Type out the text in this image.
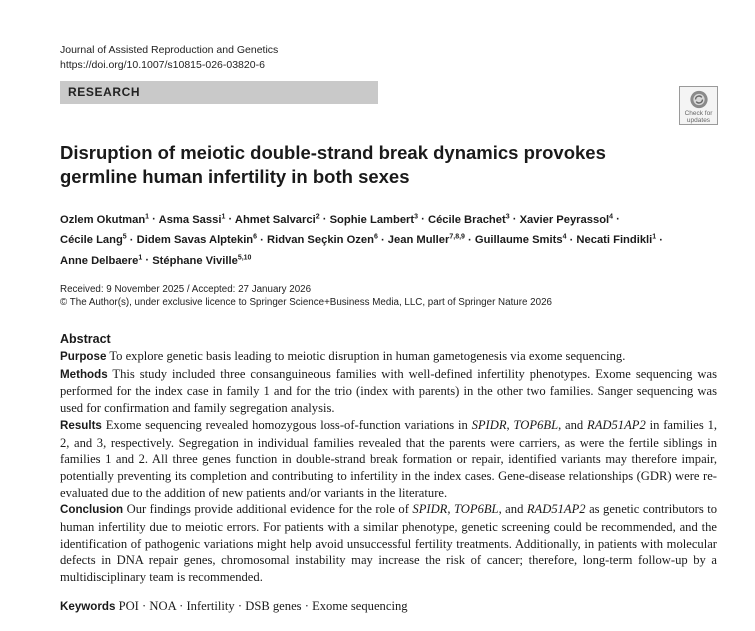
Journal of Assisted Reproduction and Genetics
https://doi.org/10.1007/s10815-026-03820-6
RESEARCH
Check for
updates
Disruption of meiotic double-strand break dynamics provokes
germline human infertility in both sexes
Ozlem Okutman$^1$ · Asma Sassi$^1$ · Ahmet Salvarci$^2$ · Sophie Lambert$^3$ · Cécile Brachet$^3$ · Xavier Peyrassol$^4$ ·
Cécile Lang$^5$ · Didem Savas Alptekin$^6$ · Ridvan Seçkin Ozen$^6$ · Jean Muller$^{7,8,9}$ · Guillaume Smits$^4$ · Necati Findikli$^1$ ·
Anne Delbaere$^1$ · Stéphane Viville$^{5,10}$
Received: 9 November 2025 / Accepted: 27 January 2026
© The Author(s), under exclusive licence to Springer Science+Business Media, LLC, part of Springer Nature 2026
Abstract

Purpose To explore genetic basis leading to meiotic disruption in human gametogenesis via exome sequencing.

Methods This study included three consanguineous families with well-defined infertility phenotypes. Exome sequencing was performed for the index case in family 1 and for the trio (index with parents) in the other two families. Sanger sequencing was used for confirmation and family segregation analysis.

Results Exome sequencing revealed homozygous loss-of-function variations in SPIDR, TOP6BL, and RAD51AP2 in families 1, 2, and 3, respectively. Segregation in individual families revealed that the parents were carriers, as were the fertile siblings in families 1 and 2. All three genes function in double-strand break formation or repair, identified variants may therefore impair, potentially preventing its completion and contributing to infertility in the index cases. Gene-disease relationships (GDR) were re-evaluated due to the addition of new patients and/or variants in the literature.

Conclusion Our findings provide additional evidence for the role of SPIDR, TOP6BL, and RAD51AP2 as genetic contributors to human infertility due to meiotic errors. For patients with a similar phenotype, genetic screening could be recommended, and the identification of pathogenic variations might help avoid unsuccessful fertility treatments. Additionally, in patients with molecular defects in DNA repair genes, chromosomal instability may increase the risk of cancer; therefore, long-term follow-up by a multidisciplinary team is recommended.

Keywords POI · NOA · Infertility · DSB genes · Exome sequencing
